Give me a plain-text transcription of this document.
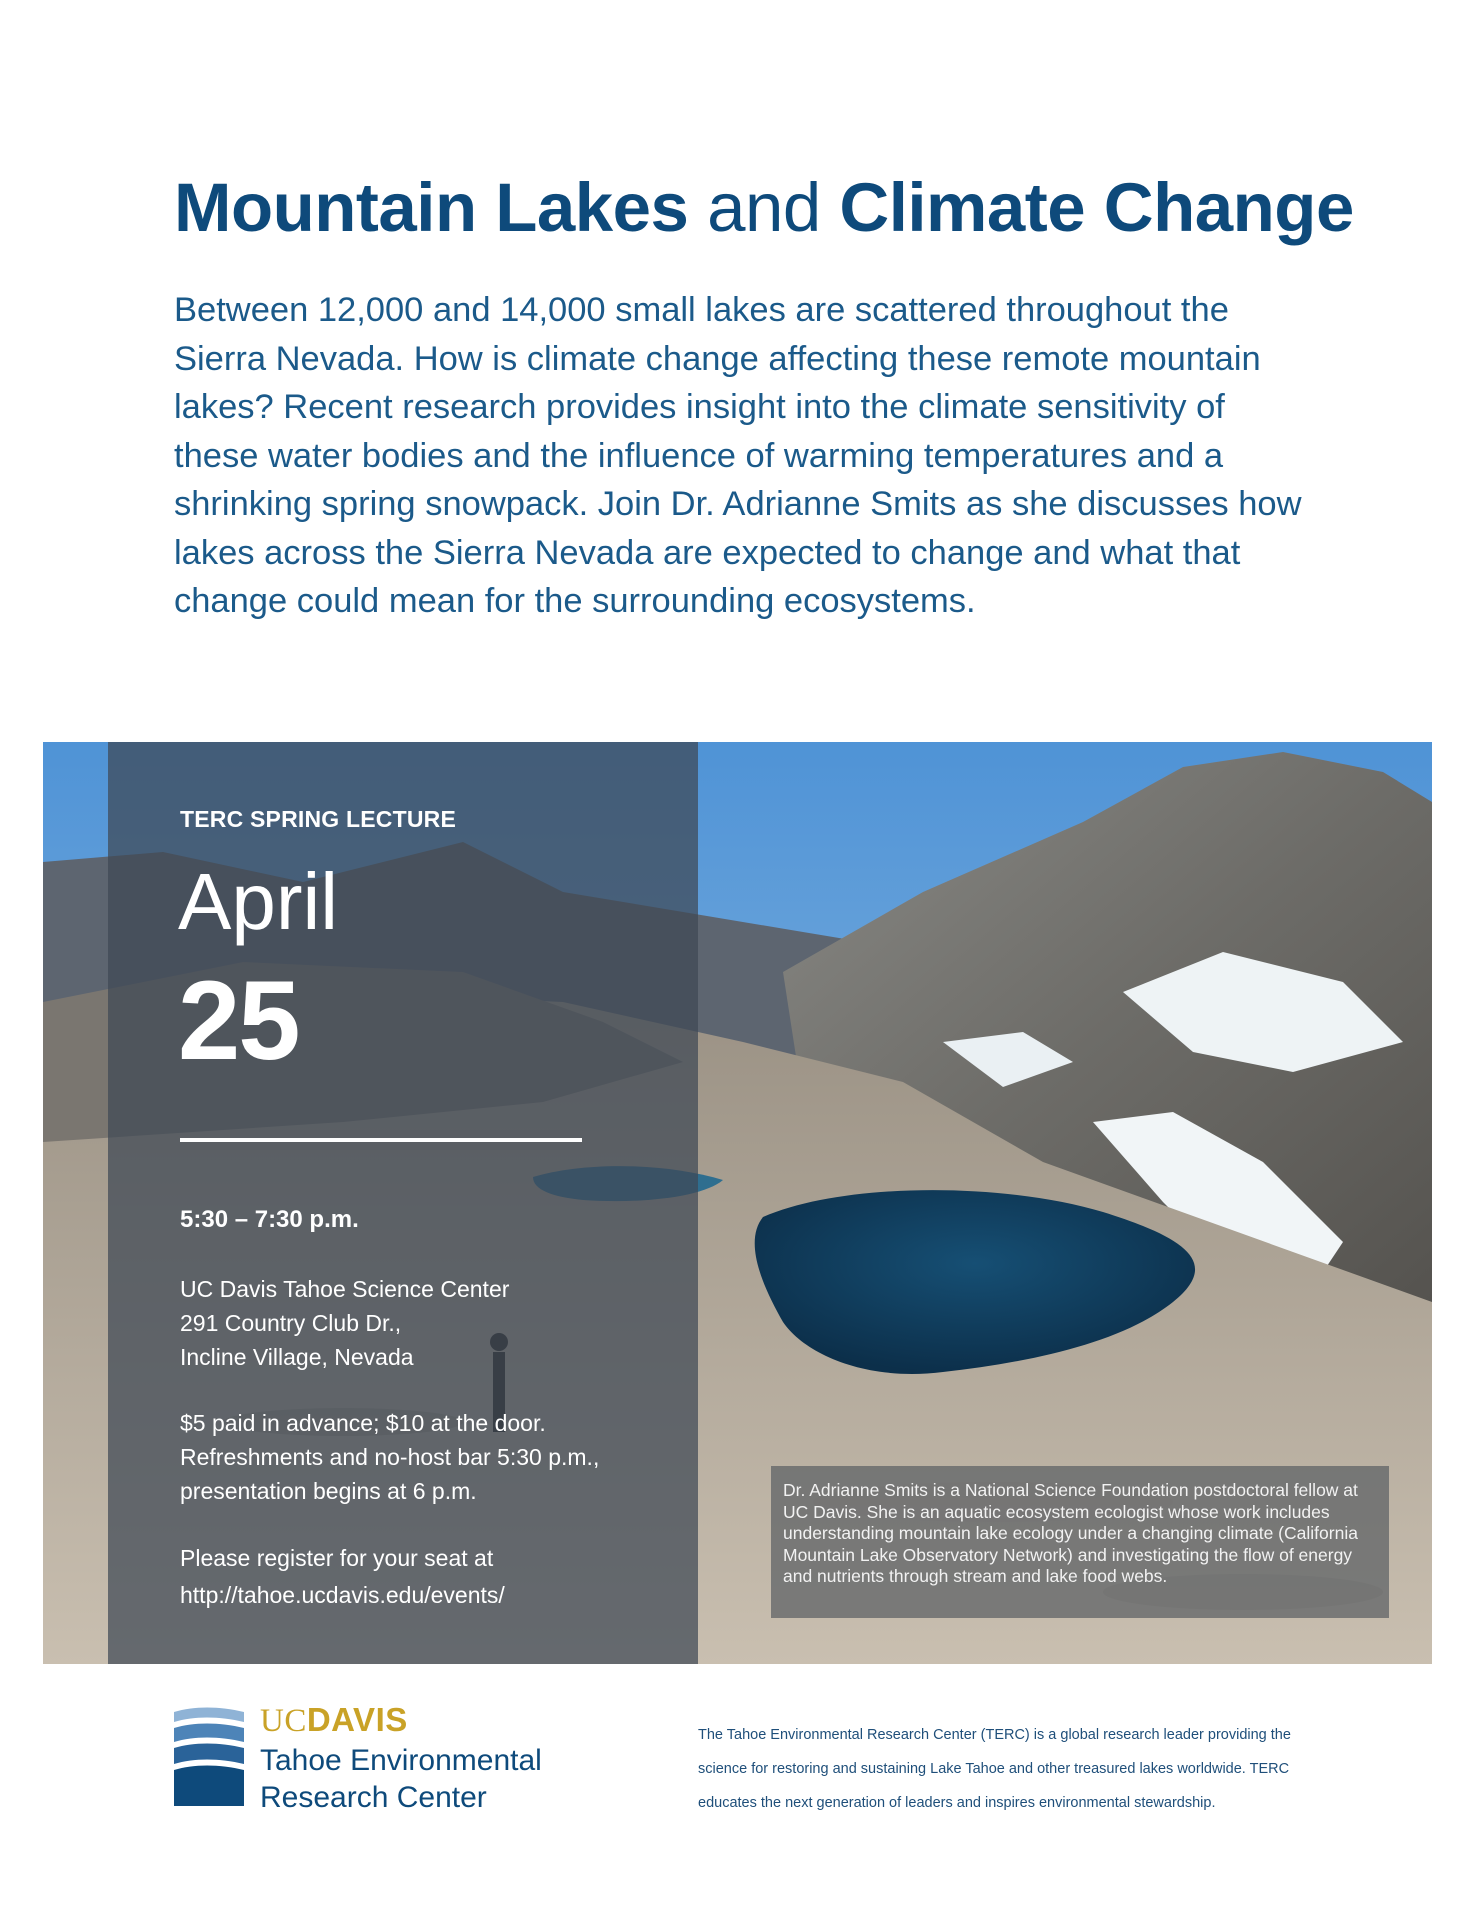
Mountain Lakes and Climate Change

Between 12,000 and 14,000 small lakes are scattered throughout the Sierra Nevada. How is climate change affecting these remote mountain lakes? Recent research provides insight into the climate sensitivity of these water bodies and the influence of warming temperatures and a shrinking spring snowpack. Join Dr. Adrianne Smits as she discusses how lakes across the Sierra Nevada are expected to change and what that change could mean for the surrounding ecosystems.

TERC SPRING LECTURE

April

25

5:30 – 7:30 p.m.

UC Davis Tahoe Science Center
291 Country Club Dr.,
Incline Village, Nevada

$5 paid in advance; $10 at the door.
Refreshments and no-host bar 5:30 p.m.,
presentation begins at 6 p.m.

Please register for your seat at
http://tahoe.ucdavis.edu/events/

Dr. Adrianne Smits is a National Science Foundation postdoctoral fellow at UC Davis. She is an aquatic ecosystem ecologist whose work includes understanding mountain lake ecology under a changing climate (California Mountain Lake Observatory Network) and investigating the flow of energy and nutrients through stream and lake food webs.

UCDAVIS

Tahoe Environmental
Research Center

The Tahoe Environmental Research Center (TERC) is a global research leader providing the
science for restoring and sustaining Lake Tahoe and other treasured lakes worldwide. TERC
educates the next generation of leaders and inspires environmental stewardship.
